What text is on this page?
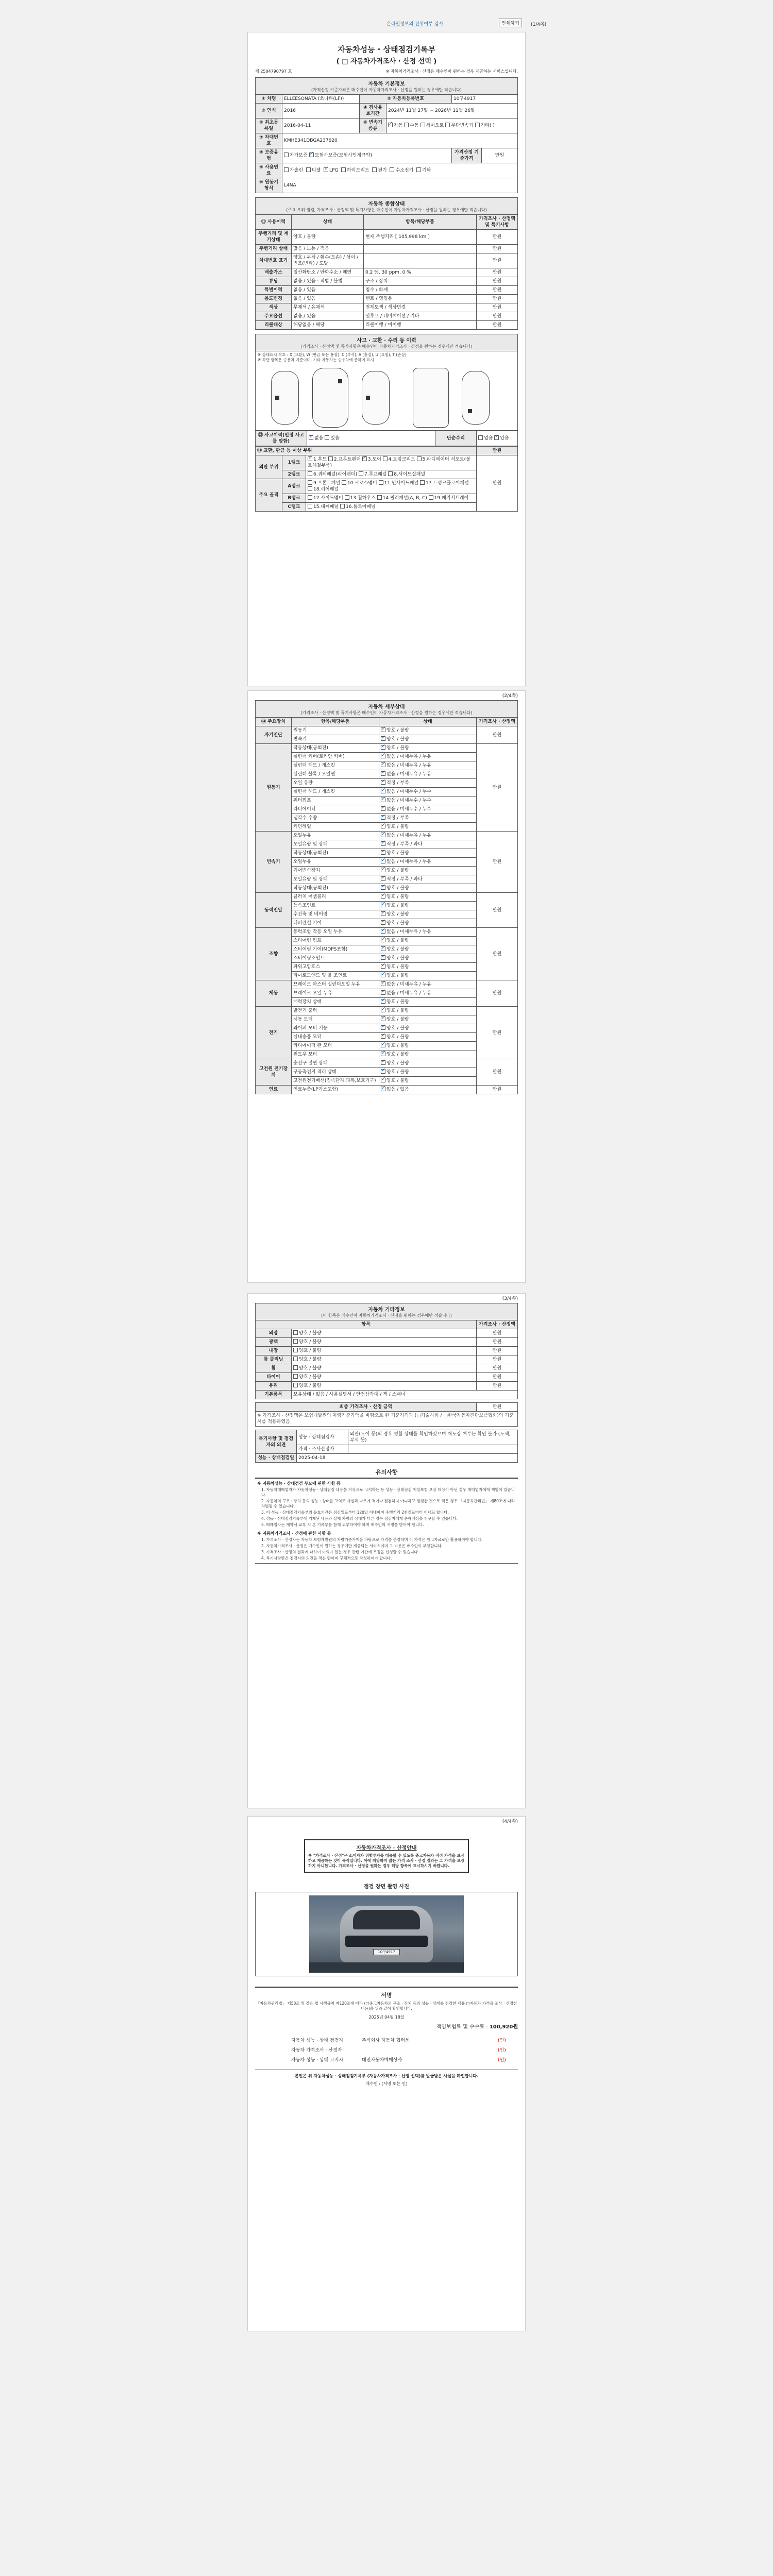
온라인정보의 진위여부 검사	인쇄하기	(1/4쪽)
자동차성능 · 상태점검기록부
( □ 자동차가격조사 · 산정 선택 )
제 2504790797 호	※ 자동차가격조사 · 산정은 매수인이 원하는 경우 제공하는 서비스입니다.
자동차 기본정보
(가격산정 기준가격은 매수인이 자동차가격조사 · 산정을 원하는 경우에만 적습니다)
① 차명	ELLEESONATA (쏘나타(LF))	② 자동차등록번호		10구4917	
③ 연식	2016	④ 검사유효기간	2024년 11월 27일 ~ 2026년 11월 26일		
⑤ 최초등록일	2016-04-11	⑥ 변속기 종류	✓자동 수동 세미오토 무단변속기 기타( )
⑦ 차대번호	KMHE341DBGA237620				
⑧ 보증유형	자가보증 ✓ 보험사보증(보험사인계규약)			가격산정 기준가격	만원
⑨ 사용연료	가솔린 디젤 ✓ LPG 하이브리드 전기 수소전기 기타
⑩ 원동기형식	L4NA				
자동차 종합상태
(주요 부위 점검, 가격조사 · 산정액 및 특기사항은 매수인이 자동차가격조사 · 산정을 원하는 경우에만 적습니다)
⑪ 사용이력	상태	항목/해당부품	가격조사 · 산정액 및 특기사항
주행거리 및 계기상태	양호 / 불량	현재 주행거리 [ 105,998 km ]	만원
주행거리 상태	많음 / 보통 / 적음		만원
차대번호 표기	양호 / 부식 / 훼손(오손) / 상이 / 변조(변타) / 도말		만원
배출가스	일산화탄소 / 탄화수소 / 매연	0.2 %, 30 ppm, 0 %	만원
튜닝	없음 / 있음 · 적법 / 불법	구조 / 장치	만원
특별이력	없음 / 있음	침수 / 화재	만원
용도변경	없음 / 있음	렌트 / 영업용	만원
색상	무채색 / 유채색	전체도색 / 색상변경	만원
주요옵션	없음 / 있음	선루프 / 네비게이션 / 기타	만원
리콜대상	해당없음 / 해당	리콜이행 / 미이행	만원
사고 · 교환 · 수리 등 이력
(가격조사 · 산정액 및 특기사항은 매수인이 자동차가격조사 · 산정을 원하는 경우에만 적습니다)
※ 상태표시 부호 : X (교환), W (판금 또는 용접), C (부식), A (흠집), U (요철), T (손상)
※ 하단 항목은 승용차 기준이며, 기타 자동차는 승용차에 준하여 표시
⑫ 사고이력(인정 사고를 말함)	✓없음 있음	단순수리	없음 ✓ 있음
⑬ 교환, 판금 등 이상 부위			만원
외판 부위	1랭크	✓1.후드 2.프론트펜더 ✓ 3.도어 4.트렁크리드 5.라디에이터 서포트(볼트체결부품)	만원
	2랭크	6.쿼터패널(리어펜더) 7.루프패널 8.사이드실패널	
주요 골격	A랭크	9.프론트패널 10.크로스멤버 11.인사이드패널 17.트렁크플로어패널 18.리어패널	
	B랭크	12.사이드멤버 13.휠하우스 14.필러패널(A, B, C) 19.패키지트레이	
	C랭크	15.대쉬패널 16.플로어패널	
(2/4쪽)
자동차 세부상태
(가격조사 · 산정액 및 특기사항은 매수인이 자동차가격조사 · 산정을 원하는 경우에만 적습니다)
⑭ 주요장치	항목/해당부품	상태	가격조사 · 산정액
자기진단	원동기	✓양호 / 불량	만원
	변속기	✓양호 / 불량
원동기	작동상태(공회전)	✓양호 / 불량	만원
	실린더 커버(로커암 커버)	✓없음 / 미세누유 / 누유
	실린더 헤드 / 개스킷	✓없음 / 미세누유 / 누유
	실린더 블록 / 오일팬	✓없음 / 미세누유 / 누유
	오일 유량	✓적정 / 부족
	실린더 헤드 / 개스킷	✓없음 / 미세누수 / 누수
	워터펌프	✓없음 / 미세누수 / 누수
	라디에이터	✓없음 / 미세누수 / 누수
	냉각수 수량	✓적정 / 부족
	커먼레일	✓양호 / 불량
변속기	오일누유	✓없음 / 미세누유 / 누유	만원
	오일유량 및 상태	✓적정 / 부족 / 과다
	작동상태(공회전)	✓양호 / 불량
	오일누유	✓없음 / 미세누유 / 누유
	기어변속장치	✓양호 / 불량
	오일유량 및 상태	✓적정 / 부족 / 과다
	작동상태(공회전)	✓양호 / 불량
동력전달	클러치 어셈블리	✓양호 / 불량	만원
	등속조인트	✓양호 / 불량
	추진축 및 베어링	✓양호 / 불량
	디퍼렌셜 기어	✓양호 / 불량
조향	동력조향 작동 오일 누유	✓없음 / 미세누유 / 누유	만원
	스티어링 펌프	✓양호 / 불량
	스티어링 기어(MDPS포함)	✓양호 / 불량
	스티어링조인트	✓양호 / 불량
	파워고압호스	✓양호 / 불량
	타이로드엔드 및 볼 조인트	✓양호 / 불량
제동	브레이크 마스터 실린더오일 누유	✓없음 / 미세누유 / 누유	만원
	브레이크 오일 누유	✓없음 / 미세누유 / 누유
	배력장치 상태	✓양호 / 불량
전기	발전기 출력	✓양호 / 불량	만원
	시동 모터	✓양호 / 불량
	와이퍼 모터 기능	✓양호 / 불량
	실내송풍 모터	✓양호 / 불량
	라디에이터 팬 모터	✓양호 / 불량
	윈도우 모터	✓양호 / 불량
고전원 전기장치	충전구 절연 상태	✓양호 / 불량	만원
	구동축전지 격리 상태	✓양호 / 불량
	고전원전기배선(접속단자,피복,보호기구)	✓양호 / 불량
연료	연료누출(LP가스포함)	✓없음 / 있음	만원
(3/4쪽)
자동차 기타정보
(이 항목은 매수인이 자동차가격조사 · 산정을 원하는 경우에만 적습니다)
항목		가격조사 · 산정액
외장	양호 / 불량	만원
광택	양호 / 불량	만원
내장	양호 / 불량	만원
룸 클리닝	양호 / 불량	만원
휠	양호 / 불량	만원
타이어	양호 / 불량	만원
유리	양호 / 불량	만원
기본품목	보유상태 / 없음 / 사용설명서 / 안전삼각대 / 잭 / 스패너	
최종 가격조사 · 산정 금액	만원
※ 가격조사 · 산정액은 보험개발원의 차량기준가액을 바탕으로 한 기준가격과 (□기술사회 / □한국자동차진단보증협회)의 기준서를 적용하였음
특기사항 및 점검자의 의견	성능 · 상태점검자	외판(도어 등)의 경우 평활 상태를 확인하였으며 재도장 여부는 확인 불가 (도색, 부식 등)
	가격 · 조사산정자	
성능 · 상태점검일	2025-04-18	
유의사항
※ 자동차성능 · 상태점검 부모에 관한 사항 등
1. 자동차매매업자가 자동차성능 · 상태점검 내용을 거짓으로 고지하는 등 성능 · 상태점검 책임보험 보상 대상이 아닌 경우 매매업자에게 책임이 있습니다.
2. 자동차의 구조 · 장치 등의 성능 · 상태를 고의로 사실과 다르게 적거나 점검하지 아니하고 점검한 것으로 적은 경우 「자동차관리법」 제80조에 따라 처벌될 수 있습니다.
3. 이 성능 · 상태점검기록부의 유효기간은 점검일로부터 120일 이내이며 주행거리 2천킬로미터 이내로 합니다.
4. 성능 · 상태점검기록부에 기재된 내용과 실제 차량의 상태가 다른 경우 점검자에게 손해배상을 청구할 수 있습니다.
5. 매매업자는 계약서 교부 시 본 기록부를 함께 교부하여야 하며 매수인의 서명을 받아야 합니다.
※ 자동차가격조사 · 산정에 관한 사항 등
1. 가격조사 · 산정자는 자동차 보험개발원의 차량기준가액을 바탕으로 가격을 산정하며 이 가격은 참고자료로만 활용하여야 합니다.
2. 자동차가격조사 · 산정은 매수인이 원하는 경우에만 제공되는 서비스이며 그 비용은 매수인이 부담합니다.
3. 가격조사 · 산정의 결과에 대하여 이의가 있는 경우 관련 기관에 조정을 신청할 수 있습니다.
4. 특기사항란은 점검자의 의견을 적는 란이며 구체적으로 작성하여야 합니다.
(4/4쪽)
자동차가격조사 · 산정안내
※ "가격조사 · 산정"은 소비자가 위험투자를 대응할 수 있도록 중고자동차 적정 가격을 보장하고 제공하는 것이 목적입니다. 이에 해당하지 않는 가격 조사 · 산정 결과는 그 가격을 보장하지 아니합니다. 가격조사 · 산정을 원하는 경우 해당 항목에 표시하시기 바랍니다.
점검 장면 촬영 사진
10구4917
서명
「자동차관리법」 제58조 및 같은 법 시행규칙 제120조에 따라 (□중고자동차의 구조 · 장치 등의 성능 · 상태를 점검한 내용 □자동차 가격을 조사 · 산정한 내용)을 위와 같이 확인합니다.
2025년 04월 18일
책임보험료 및 수수료 : 100,920원
자동차 성능 · 상태 점검자	주식회사 자동차 협력센	(인)
자동차 가격조사 · 산정자		(인)
자동차 성능 · 상태 고지자	대전자동차매매상사	(인)
본인은 위 자동차성능 · 상태점검기록부 (자동차가격조사 · 산정 선택)를 발급받은 사실을 확인합니다.
매수인 : (서명 또는 인)
